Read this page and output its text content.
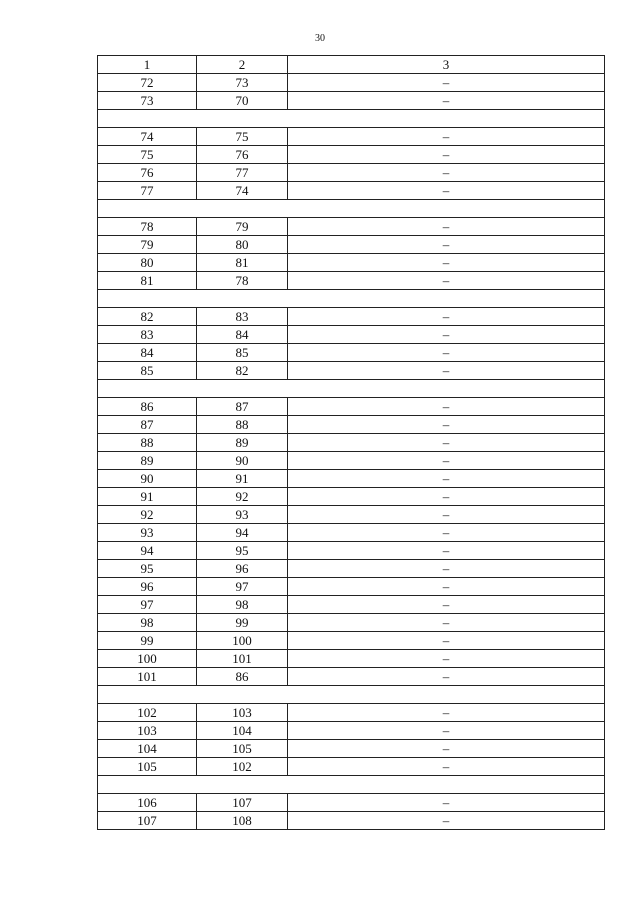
30
1	2	3
72	73	–
73	70	–

74	75	–
75	76	–
76	77	–
77	74	–

78	79	–
79	80	–
80	81	–
81	78	–

82	83	–
83	84	–
84	85	–
85	82	–

86	87	–
87	88	–
88	89	–
89	90	–
90	91	–
91	92	–
92	93	–
93	94	–
94	95	–
95	96	–
96	97	–
97	98	–
98	99	–
99	100	–
100	101	–
101	86	–

102	103	–
103	104	–
104	105	–
105	102	–

106	107	–
107	108	–
